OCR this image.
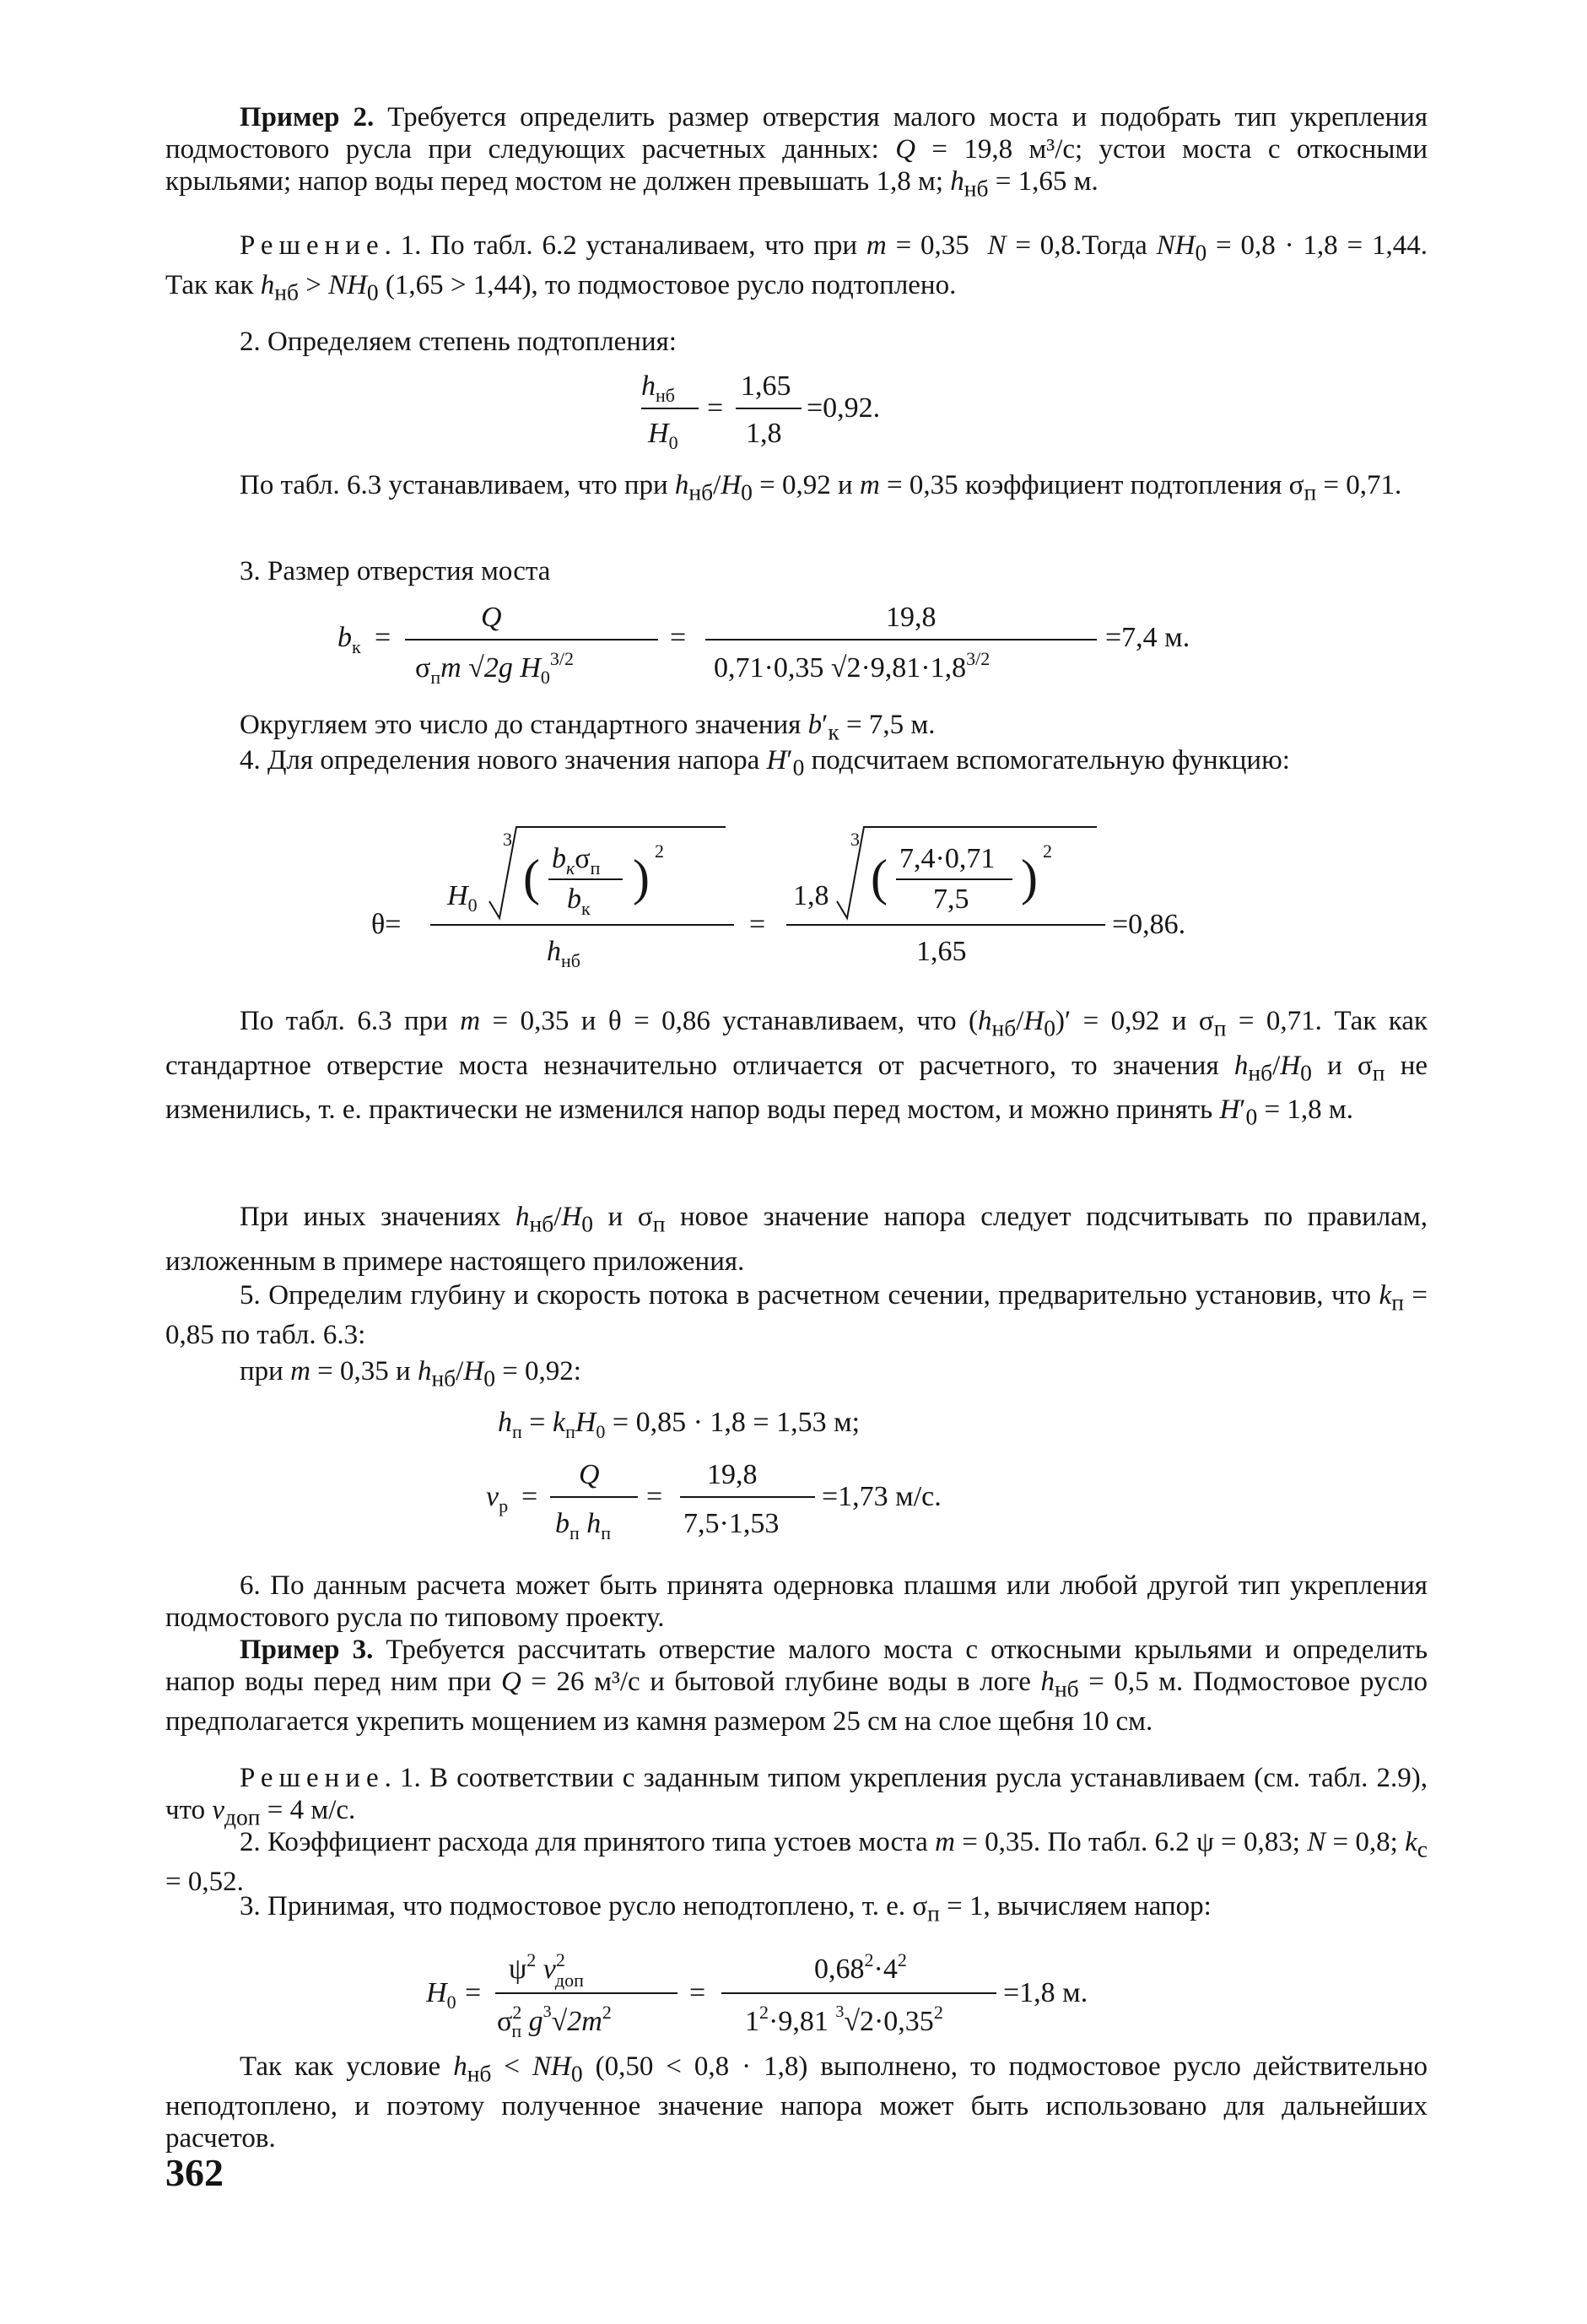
Пример 2. Требуется определить размер отверстия малого моста и подобрать тип укрепления подмостового русла при следующих расчетных данных: Q = 19,8 м³/с; устои моста с откосными крыльями; напор воды перед мостом не должен превышать 1,8 м; $h_{нб} = 1,65$ м.

Решение. 1. По табл. 6.2 устаналиваем, что при m = 0,35  N = 0,8.Тогда $NH_0 = 0,8 \cdot 1,8 = 1,44$. Так как $h_{нб} > NH_0$ (1,65 > 1,44), то подмостовое русло подтоплено.

2. Определяем степень подтопления:

$h_{нб}$
$H_0$
=
1,65
1,8
=0,92.

По табл. 6.3 устанавливаем, что при $h_{нб}/H_0 = 0,92$ и m = 0,35 коэффициент подтопления $\sigma_п = 0,71$.

3. Размер отверстия моста

$b_к$ =
Q
$\sigma_пm$ √2g $H_0^{3/2}$
=
19,8
0,71·0,35 $√2\cdot 9,81\cdot 1,8^{3/2}$
=7,4 м.

Округляем это число до стандартного значения $b'_к = 7,5$ м.

4. Для определения нового значения напора $H'_0$ подсчитаем вспомогательную функцию:

θ=
$H_0$
3
( $b_к\sigma_п$
$b_к$
) 2
$h_{нб}$
=
1,8
3
( 7,4·0,71
7,5 ) 2
1,65
=0,86.

По табл. 6.3 при m = 0,35 и θ = 0,86 устанавливаем, что $(h_{нб}/H_0)' = 0,92$ и $\sigma_п = 0,71$. Так как стандартное отверстие моста незначительно отличается от расчетного, то значения $h_{нб}/H_0$ и $\sigma_п$ не изменились, т. е. практически не изменился напор воды перед мостом, и можно принять $H'_0 = 1,8$ м.

При иных значениях $h_{нб}/H_0$ и $\sigma_п$ новое значение напора следует подсчитывать по правилам, изложенным в примере настоящего приложения.

5. Определим глубину и скорость потока в расчетном сечении, предварительно установив, что $k_п = 0,85$ по табл. 6.3:

при m = 0,35 и $h_{нб}/H_0 = 0,92$:

$h_п = k_пH_0 = 0,85 \cdot 1,8 = 1,53$ м;
$v_р$ =
Q
$b_п$ $h_п$
=
19,8
7,5·1,53
=1,73 м/с.

6. По данным расчета может быть принята одерновка плашмя или любой другой тип укрепления подмостового русла по типовому проекту.

Пример 3. Требуется рассчитать отверстие малого моста с откосными крыльями и определить напор воды перед ним при Q = 26 м³/с и бытовой глубине воды в логе $h_{нб} = 0,5$ м. Подмостовое русло предполагается укрепить мощением из камня размером 25 см на слое щебня 10 см.

Решение. 1. В соответствии с заданным типом укрепления русла устанавливаем (см. табл. 2.9), что $v_{доп} = 4$ м/с.

2. Коэффициент расхода для принятого типа устоев моста m = 0,35. По табл. 6.2 ψ = 0,83; N = 0,8; $k_с = 0,52$.

3. Принимая, что подмостовое русло неподтоплено, т. е. $\sigma_п = 1$, вычисляем напор:

$H_0$ =
$\psi^2$ $v^2$ доп
$\sigma^2$ п $g^3√2m^2$
=
$0,68^2\cdot 4^2$
$1^2\cdot 9,81$ $^3√2\cdot 0,35^2$
=1,8 м.

Так как условие $h_{нб} < NH_0$ (0,50 < 0,8 · 1,8) выполнено, то подмостовое русло действительно неподтоплено, и поэтому полученное значение напора может быть использовано для дальнейших расчетов.

362
